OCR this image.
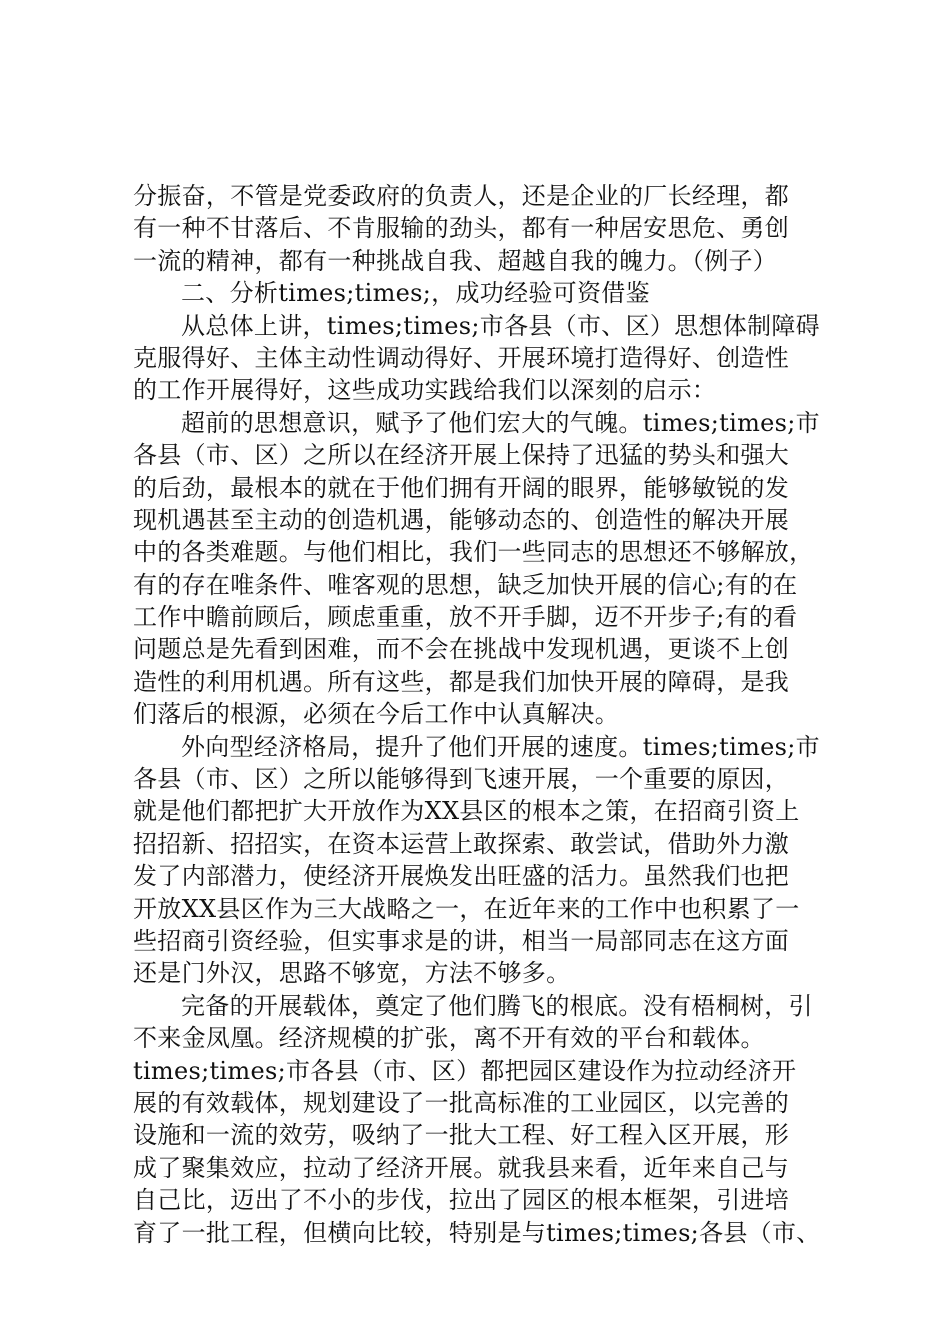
分振奋，不管是党委政府的负责人，还是企业的厂长经理，都
有一种不甘落后、不肯服输的劲头，都有一种居安思危、勇创
一流的精神，都有一种挑战自我、超越自我的魄力。（例子）
二、分析times;times;，成功经验可资借鉴
从总体上讲，times;times;市各县（市、区）思想体制障碍
克服得好、主体主动性调动得好、开展环境打造得好、创造性
的工作开展得好，这些成功实践给我们以深刻的启示：
超前的思想意识，赋予了他们宏大的气魄。times;times;市
各县（市、区）之所以在经济开展上保持了迅猛的势头和强大
的后劲，最根本的就在于他们拥有开阔的眼界，能够敏锐的发
现机遇甚至主动的创造机遇，能够动态的、创造性的解决开展
中的各类难题。与他们相比，我们一些同志的思想还不够解放，
有的存在唯条件、唯客观的思想，缺乏加快开展的信心;有的在
工作中瞻前顾后，顾虑重重，放不开手脚，迈不开步子;有的看
问题总是先看到困难，而不会在挑战中发现机遇，更谈不上创
造性的利用机遇。所有这些，都是我们加快开展的障碍，是我
们落后的根源，必须在今后工作中认真解决。
外向型经济格局，提升了他们开展的速度。times;times;市
各县（市、区）之所以能够得到飞速开展，一个重要的原因，
就是他们都把扩大开放作为XX县区的根本之策，在招商引资上
招招新、招招实，在资本运营上敢探索、敢尝试，借助外力激
发了内部潜力，使经济开展焕发出旺盛的活力。虽然我们也把
开放XX县区作为三大战略之一，在近年来的工作中也积累了一
些招商引资经验，但实事求是的讲，相当一局部同志在这方面
还是门外汉，思路不够宽，方法不够多。
完备的开展载体，奠定了他们腾飞的根底。没有梧桐树，引
不来金凤凰。经济规模的扩张，离不开有效的平台和载体。
times;times;市各县（市、区）都把园区建设作为拉动经济开
展的有效载体，规划建设了一批高标准的工业园区，以完善的
设施和一流的效劳，吸纳了一批大工程、好工程入区开展，形
成了聚集效应，拉动了经济开展。就我县来看，近年来自己与
自己比，迈出了不小的步伐，拉出了园区的根本框架，引进培
育了一批工程，但横向比较，特别是与times;times;各县（市、
